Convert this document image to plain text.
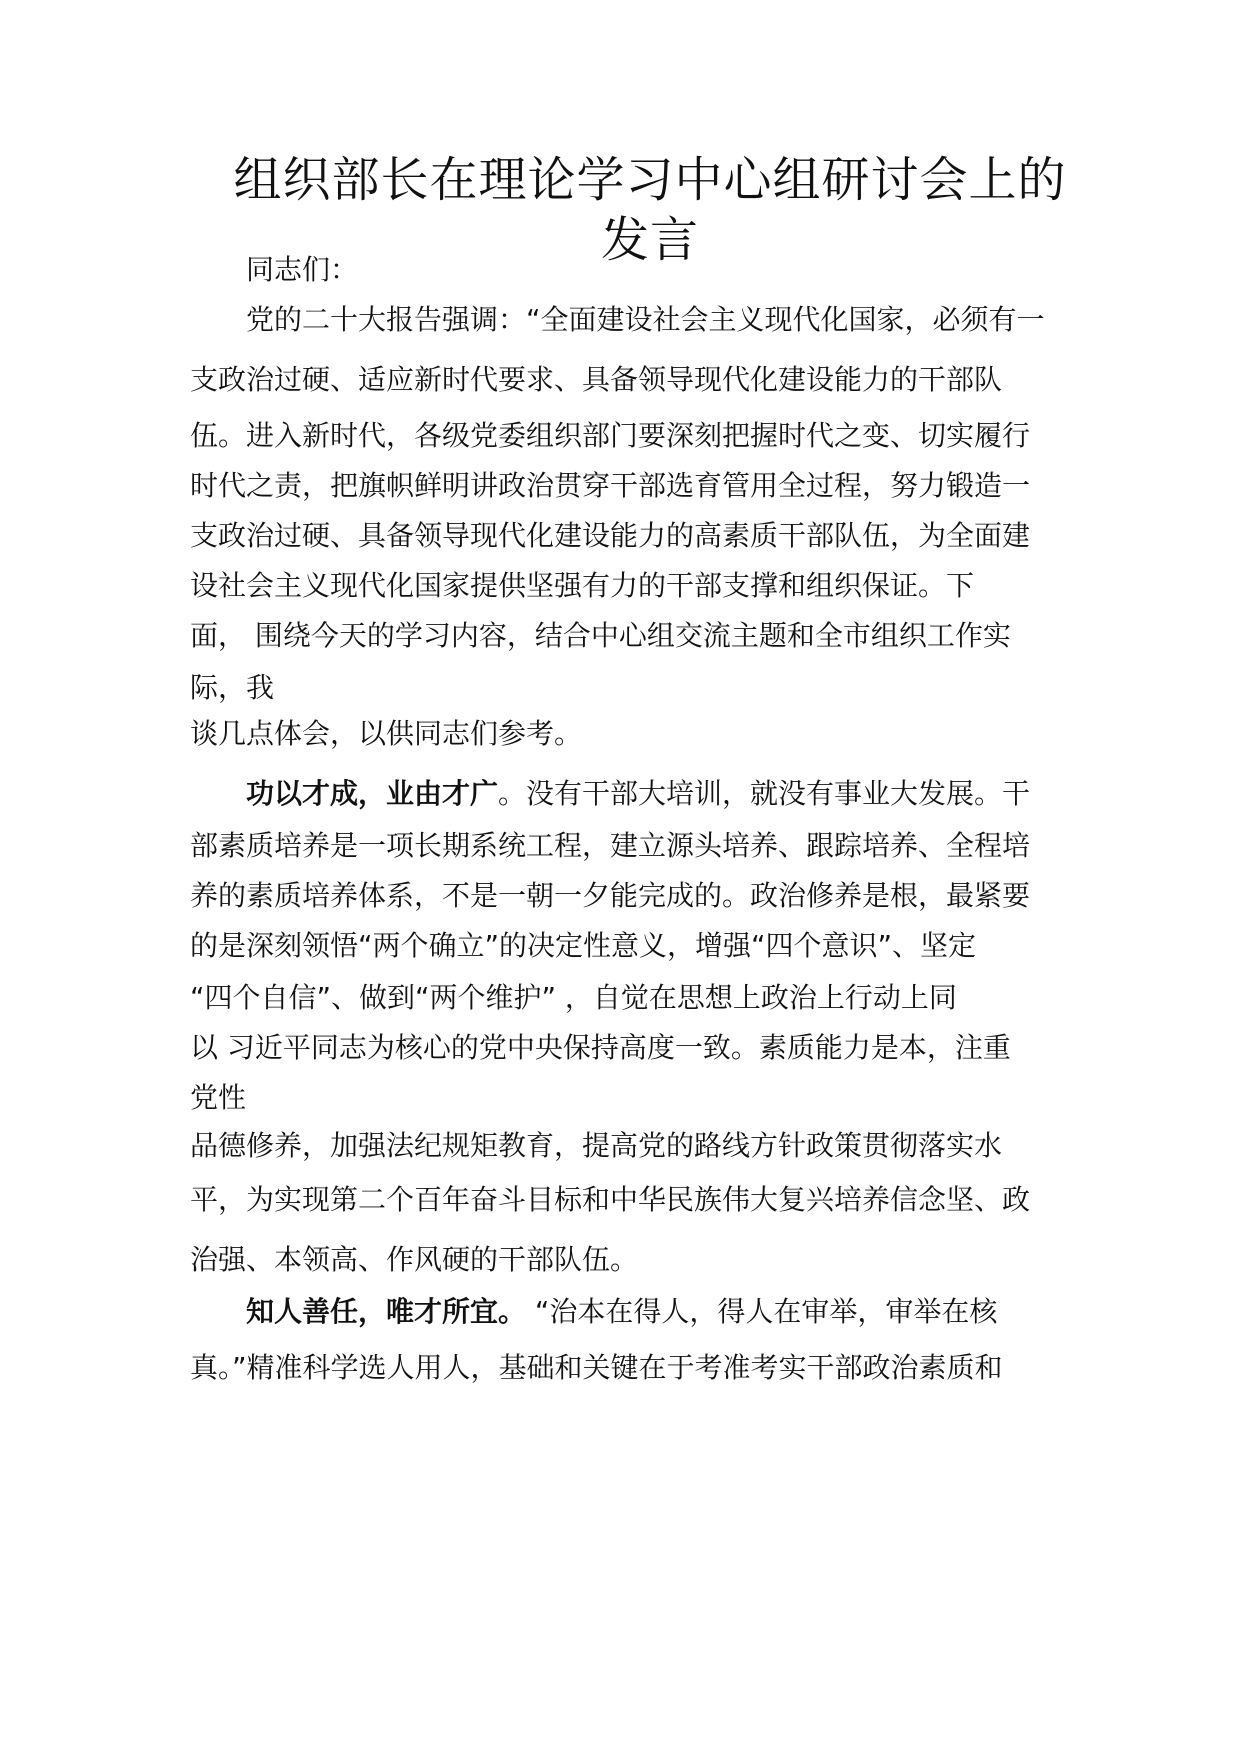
组织部长在理论学习中心组研讨会上的
发言
同志们：
党的二十大报告强调：“全面建设社会主义现代化国家，必须有一
支政治过硬、适应新时代要求、具备领导现代化建设能力的干部队
伍。进入新时代，各级党委组织部门要深刻把握时代之变、切实履行
时代之责，把旗帜鲜明讲政治贯穿干部选育管用全过程，努力锻造一
支政治过硬、具备领导现代化建设能力的高素质干部队伍，为全面建
设社会主义现代化国家提供坚强有力的干部支撑和组织保证。下
面， 围绕今天的学习内容，结合中心组交流主题和全市组织工作实
际，我
谈几点体会，以供同志们参考。
功以才成，业由才广。没有干部大培训，就没有事业大发展。干
部素质培养是一项长期系统工程，建立源头培养、跟踪培养、全程培
养的素质培养体系，不是一朝一夕能完成的。政治修养是根，最紧要
的是深刻领悟“两个确立”的决定性意义，增强“四个意识”、坚定
“四个自信”、做到“两个维护” ，自觉在思想上政治上行动上同
以 习近平同志为核心的党中央保持高度一致。素质能力是本，注重
党性
品德修养，加强法纪规矩教育，提高党的路线方针政策贯彻落实水
平，为实现第二个百年奋斗目标和中华民族伟大复兴培养信念坚、政
治强、本领高、作风硬的干部队伍。
知人善任，唯才所宜。 “治本在得人，得人在审举，审举在核
真。”精准科学选人用人，基础和关键在于考准考实干部政治素质和
